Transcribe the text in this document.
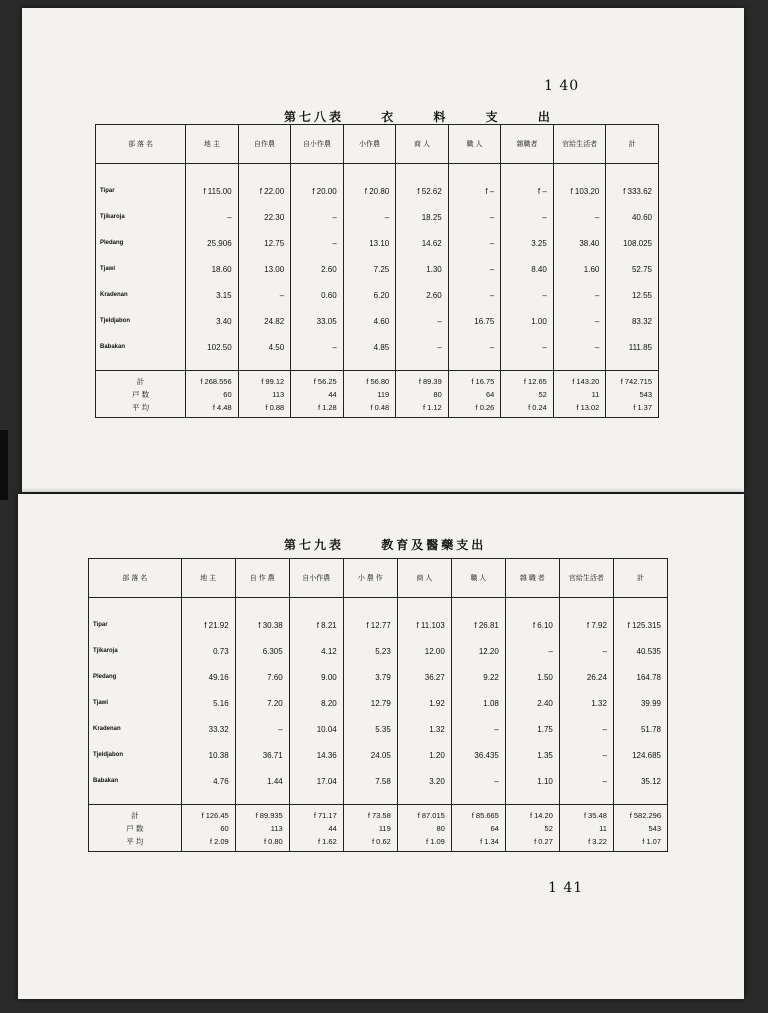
1 40
第七八表	衣	料	支	出
部 落 名	地 主	自作農	自小作農	小作農	商 人	職 人	雜職者	官給生活者	計
Tipar	f 115.00	f 22.00	f 20.00	f 20.80	f 52.62	f –	f –	f 103.20	f 333.62
Tjikaroja	–	22.30	–	–	18.25	–	–	–	40.60
Pledang	25.906	12.75	–	13.10	14.62	–	3.25	38.40	108.025
Tjawi	18.60	13.00	2.60	7.25	1.30	–	8.40	1.60	52.75
Kradenan	3.15	–	0.60	6.20	2.60	–	–	–	12.55
Tjeldjabon	3.40	24.82	33.05	4.60	–	16.75	1.00	–	83.32
Babakan	102.50	4.50	–	4.85	–	–	–	–	111.85
計	f 268.556	f 99.12	f 56.25	f 56.80	f 89.39	f 16.75	f 12.65	f 143.20	f 742.715
戸 数	60	113	44	119	80	64	52	11	543
平 均	f 4.48	f 0.88	f 1.28	f 0.48	f 1.12	f 0.26	f 0.24	f 13.02	f 1.37
1 41
第七九表	教育及醫藥支出
部 落 名	地 主	自 作 農	自小作農	小 農 作	商 人	職 人	雜 職 者	官給生活者	計
Tipar	f 21.92	f 30.38	f 8.21	f 12.77	f 11.103	f 26.81	f 6.10	f 7.92	f 125.315
Tjikaroja	0.73	6.305	4.12	5.23	12.00	12.20	–	–	40.535
Pledang	49.16	7.60	9.00	3.79	36.27	9.22	1.50	26.24	164.78
Tjawi	5.16	7.20	8.20	12.79	1.92	1.08	2.40	1.32	39.99
Kradenan	33.32	–	10.04	5.35	1.32	–	1.75	–	51.78
Tjeldjabon	10.38	36.71	14.36	24.05	1.20	36.435	1.35	–	124.685
Babakan	4.76	1.44	17.04	7.58	3.20	–	1.10	–	35.12
計	f 126.45	f 89.935	f 71.17	f 73.58	f 87.015	f 85.665	f 14.20	f 35.48	f 582.296
戸 数	60	113	44	119	80	64	52	11	543
平 均	f 2.09	f 0.80	f 1.62	f 0.62	f 1.09	f 1.34	f 0.27	f 3.22	f 1.07
